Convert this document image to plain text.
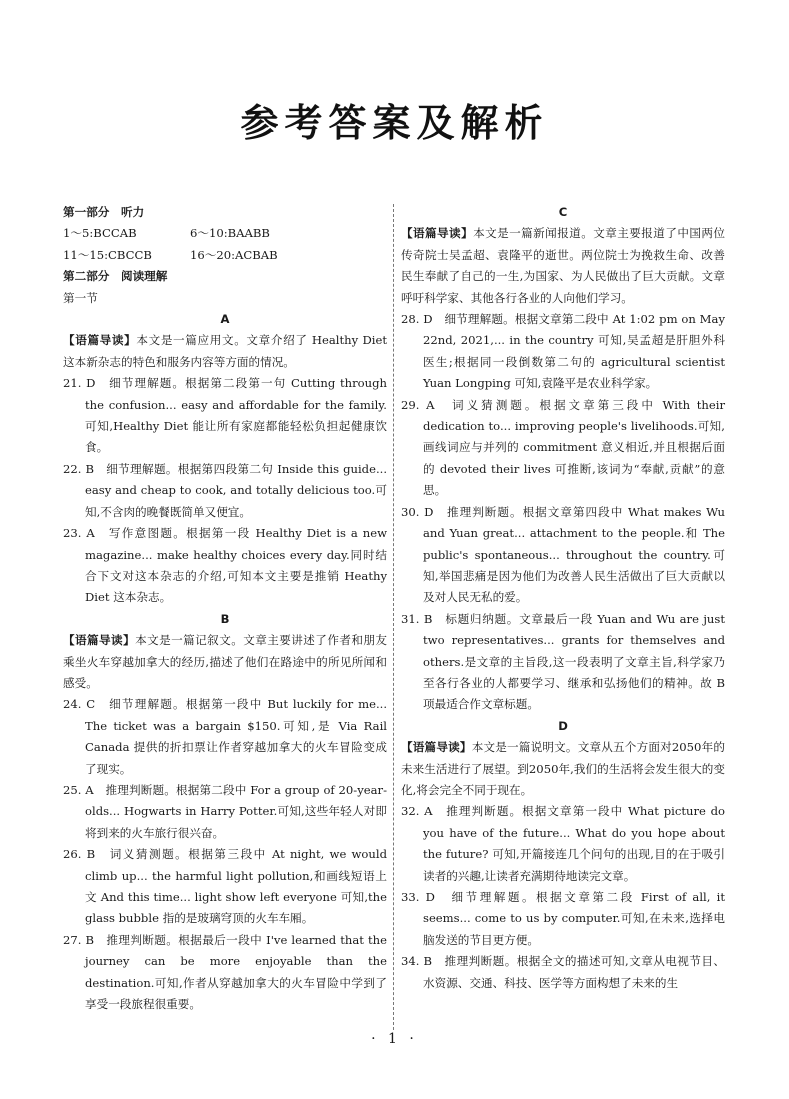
参考答案及解析

第一部分　听力

1～5:BCCAB	6～10:BAABB
11～15:CBCCB	16～20:ACBAB

第二部分　阅读理解

第一节

A

【语篇导读】本文是一篇应用文。文章介绍了 Healthy Diet 这本新杂志的特色和服务内容等方面的情况。

21. D　细节理解题。根据第二段第一句 Cutting through the confusion... easy and affordable for the family.可知,Healthy Diet 能让所有家庭都能轻松负担起健康饮食。

22. B　细节理解题。根据第四段第二句 Inside this guide... easy and cheap to cook, and totally delicious too.可知,不含肉的晚餐既简单又便宜。

23. A　写作意图题。根据第一段 Healthy Diet is a new magazine... make healthy choices every day.同时结合下文对这本杂志的介绍,可知本文主要是推销 Heathy Diet 这本杂志。

B

【语篇导读】本文是一篇记叙文。文章主要讲述了作者和朋友乘坐火车穿越加拿大的经历,描述了他们在路途中的所见所闻和感受。

24. C　细节理解题。根据第一段中 But luckily for me... The ticket was a bargain $150.可知,是 Via Rail Canada 提供的折扣票让作者穿越加拿大的火车冒险变成了现实。

25. A　推理判断题。根据第二段中 For a group of 20-year-olds... Hogwarts in Harry Potter.可知,这些年轻人对即将到来的火车旅行很兴奋。

26. B　词义猜测题。根据第三段中 At night, we would climb up... the harmful light pollution,和画线短语上文 And this time... light show left everyone 可知,the glass bubble 指的是玻璃穹顶的火车车厢。

27. B　推理判断题。根据最后一段中 I've learned that the journey can be more enjoyable than the destination.可知,作者从穿越加拿大的火车冒险中学到了享受一段旅程很重要。

C

【语篇导读】本文是一篇新闻报道。文章主要报道了中国两位传奇院士吴孟超、袁隆平的逝世。两位院士为挽救生命、改善民生奉献了自己的一生,为国家、为人民做出了巨大贡献。文章呼吁科学家、其他各行各业的人向他们学习。

28. D　细节理解题。根据文章第二段中 At 1:02 pm on May 22nd, 2021,... in the country 可知,吴孟超是肝胆外科医生;根据同一段倒数第二句的 agricultural scientist Yuan Longping 可知,袁隆平是农业科学家。

29. A　词义猜测题。根据文章第三段中 With their dedication to... improving people's livelihoods.可知,画线词应与并列的 commitment 意义相近,并且根据后面的 devoted their lives 可推断,该词为“奉献,贡献”的意思。

30. D　推理判断题。根据文章第四段中 What makes Wu and Yuan great... attachment to the people.和 The public's spontaneous... throughout the country.可知,举国悲痛是因为他们为改善人民生活做出了巨大贡献以及对人民无私的爱。

31. B　标题归纳题。文章最后一段 Yuan and Wu are just two representatives... grants for themselves and others.是文章的主旨段,这一段表明了文章主旨,科学家乃至各行各业的人都要学习、继承和弘扬他们的精神。故 B 项最适合作文章标题。

D

【语篇导读】本文是一篇说明文。文章从五个方面对2050年的未来生活进行了展望。到2050年,我们的生活将会发生很大的变化,将会完全不同于现在。

32. A　推理判断题。根据文章第一段中 What picture do you have of the future... What do you hope about the future? 可知,开篇接连几个问句的出现,目的在于吸引读者的兴趣,让读者充满期待地读完文章。

33. D　细节理解题。根据文章第二段 First of all, it seems... come to us by computer.可知,在未来,选择电脑发送的节目更方便。

34. B　推理判断题。根据全文的描述可知,文章从电视节目、水资源、交通、科技、医学等方面构想了未来的生

· 1 ·
